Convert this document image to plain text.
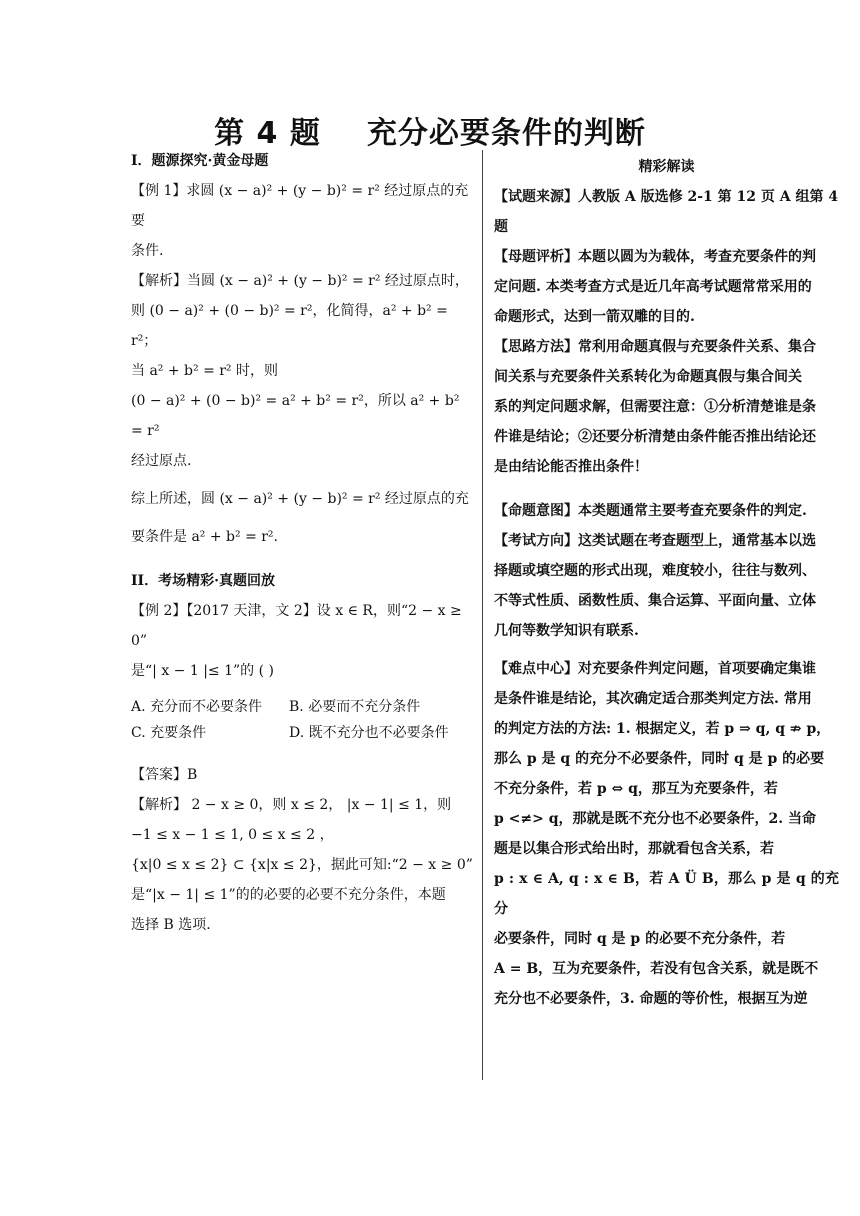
第 4 题 充分必要条件的判断

I．题源探究·黄金母题

【例 1】求圆 (x − a)² + (y − b)² = r² 经过原点的充要

条件.

【解析】当圆 (x − a)² + (y − b)² = r² 经过原点时，

则 (0 − a)² + (0 − b)² = r²，化简得，a² + b² = r²；

当 a² + b² = r² 时，则

(0 − a)² + (0 − b)² = a² + b² = r²，所以 a² + b² = r²

经过原点.

综上所述，圆 (x − a)² + (y − b)² = r² 经过原点的充

要条件是 a² + b² = r².

II．考场精彩·真题回放

【例 2】【2017 天津，文 2】设 x ∈ R，则“2 − x ≥ 0”

是“| x − 1 |≤ 1”的 ( )

A. 充分而不必要条件	B. 必要而不充分条件
C. 充要条件	D. 既不充分也不必要条件

【答案】B

【解析】 2 − x ≥ 0，则 x ≤ 2， |x − 1| ≤ 1，则

−1 ≤ x − 1 ≤ 1, 0 ≤ x ≤ 2 ，

{x|0 ≤ x ≤ 2} ⊂ {x|x ≤ 2}，据此可知:“2 − x ≥ 0”

是“|x − 1| ≤ 1”的的必要的必要不充分条件，本题

选择 B 选项.

精彩解读

【试题来源】人教版 A 版选修 2-1 第 12 页 A 组第 4

题

【母题评析】本题以圆为为载体，考查充要条件的判

定问题. 本类考查方式是近几年高考试题常常采用的

命题形式，达到一箭双雕的目的.

【思路方法】常利用命题真假与充要条件关系、集合

间关系与充要条件关系转化为命题真假与集合间关

系的判定问题求解，但需要注意：①分析清楚谁是条

件谁是结论；②还要分析清楚由条件能否推出结论还

是由结论能否推出条件！

【命题意图】本类题通常主要考查充要条件的判定.

【考试方向】这类试题在考查题型上，通常基本以选

择题或填空题的形式出现，难度较小，往往与数列、

不等式性质、函数性质、集合运算、平面向量、立体

几何等数学知识有联系.

【难点中心】对充要条件判定问题，首项要确定集谁

是条件谁是结论，其次确定适合那类判定方法. 常用

的判定方法的方法: 1. 根据定义，若 p ⇒ q, q ⇏ p，

那么 p 是 q 的充分不必要条件，同时 q 是 p 的必要

不充分条件，若 p ⇔ q，那互为充要条件，若

p <≠> q，那就是既不充分也不必要条件，2. 当命

题是以集合形式给出时，那就看包含关系，若

p : x ∈ A, q : x ∈ B，若 A Ü B，那么 p 是 q 的充分

必要条件，同时 q 是 p 的必要不充分条件，若

A = B，互为充要条件，若没有包含关系，就是既不

充分也不必要条件，3. 命题的等价性，根据互为逆
